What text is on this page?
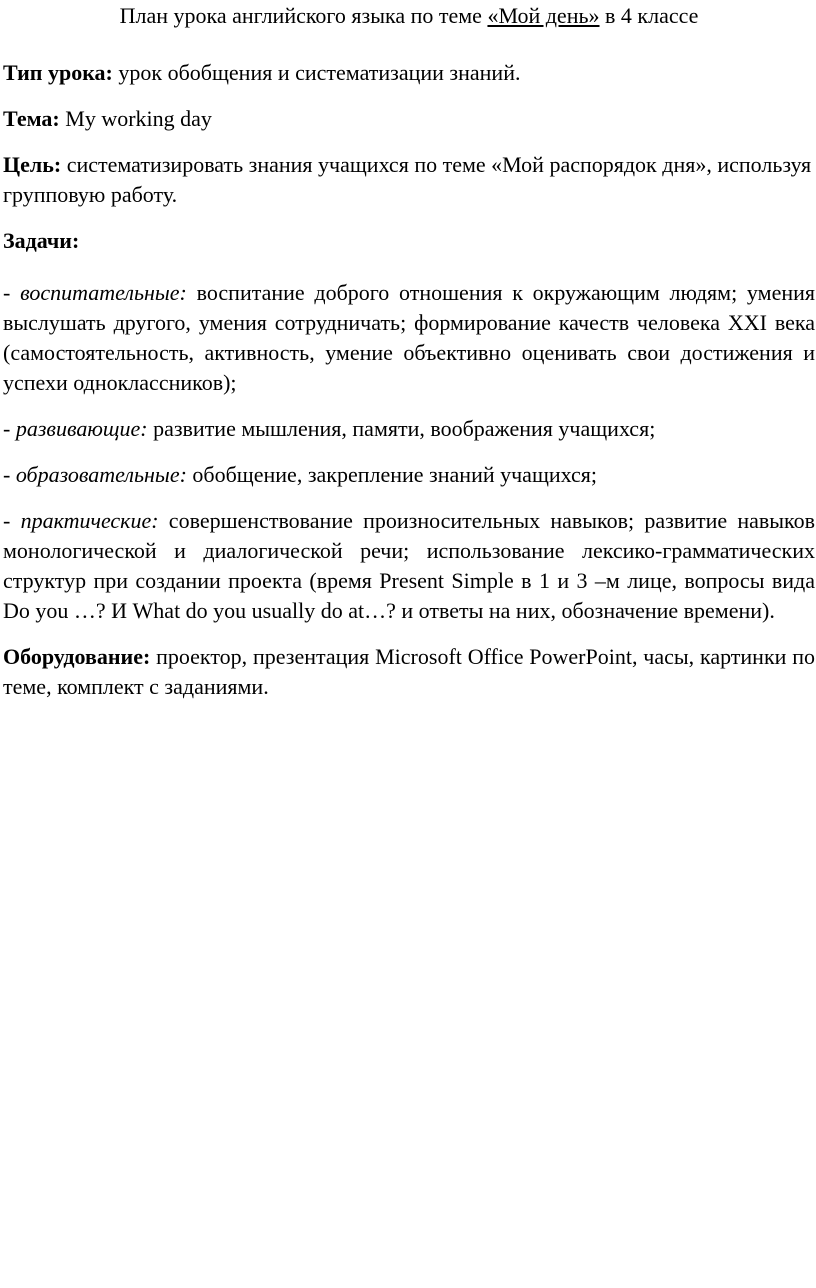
План урока английского языка по теме «Мой день» в 4 классе

Тип урока: урок обобщения и систематизации знаний.

Тема: My working day

Цель: систематизировать знания учащихся по теме «Мой распорядок дня», используя групповую работу.

Задачи:

- воспитательные: воспитание доброго отношения к окружающим людям; умения выслушать другого, умения сотрудничать; формирование качеств человека XXI века (самостоятельность, активность, умение объективно оценивать свои достижения и успехи одноклассников);

- развивающие: развитие мышления, памяти, воображения учащихся;

- образовательные: обобщение, закрепление знаний учащихся;

- практические: совершенствование произносительных навыков; развитие навыков монологической и диалогической речи; использование лексико-грамматических структур при создании проекта (время Present Simple в 1 и 3 –м лице, вопросы вида Do you …? И What do you usually do at…? и ответы на них, обозначение времени).

Оборудование: проектор, презентация Microsoft Office PowerPoint, часы, картинки по теме, комплект с заданиями.
